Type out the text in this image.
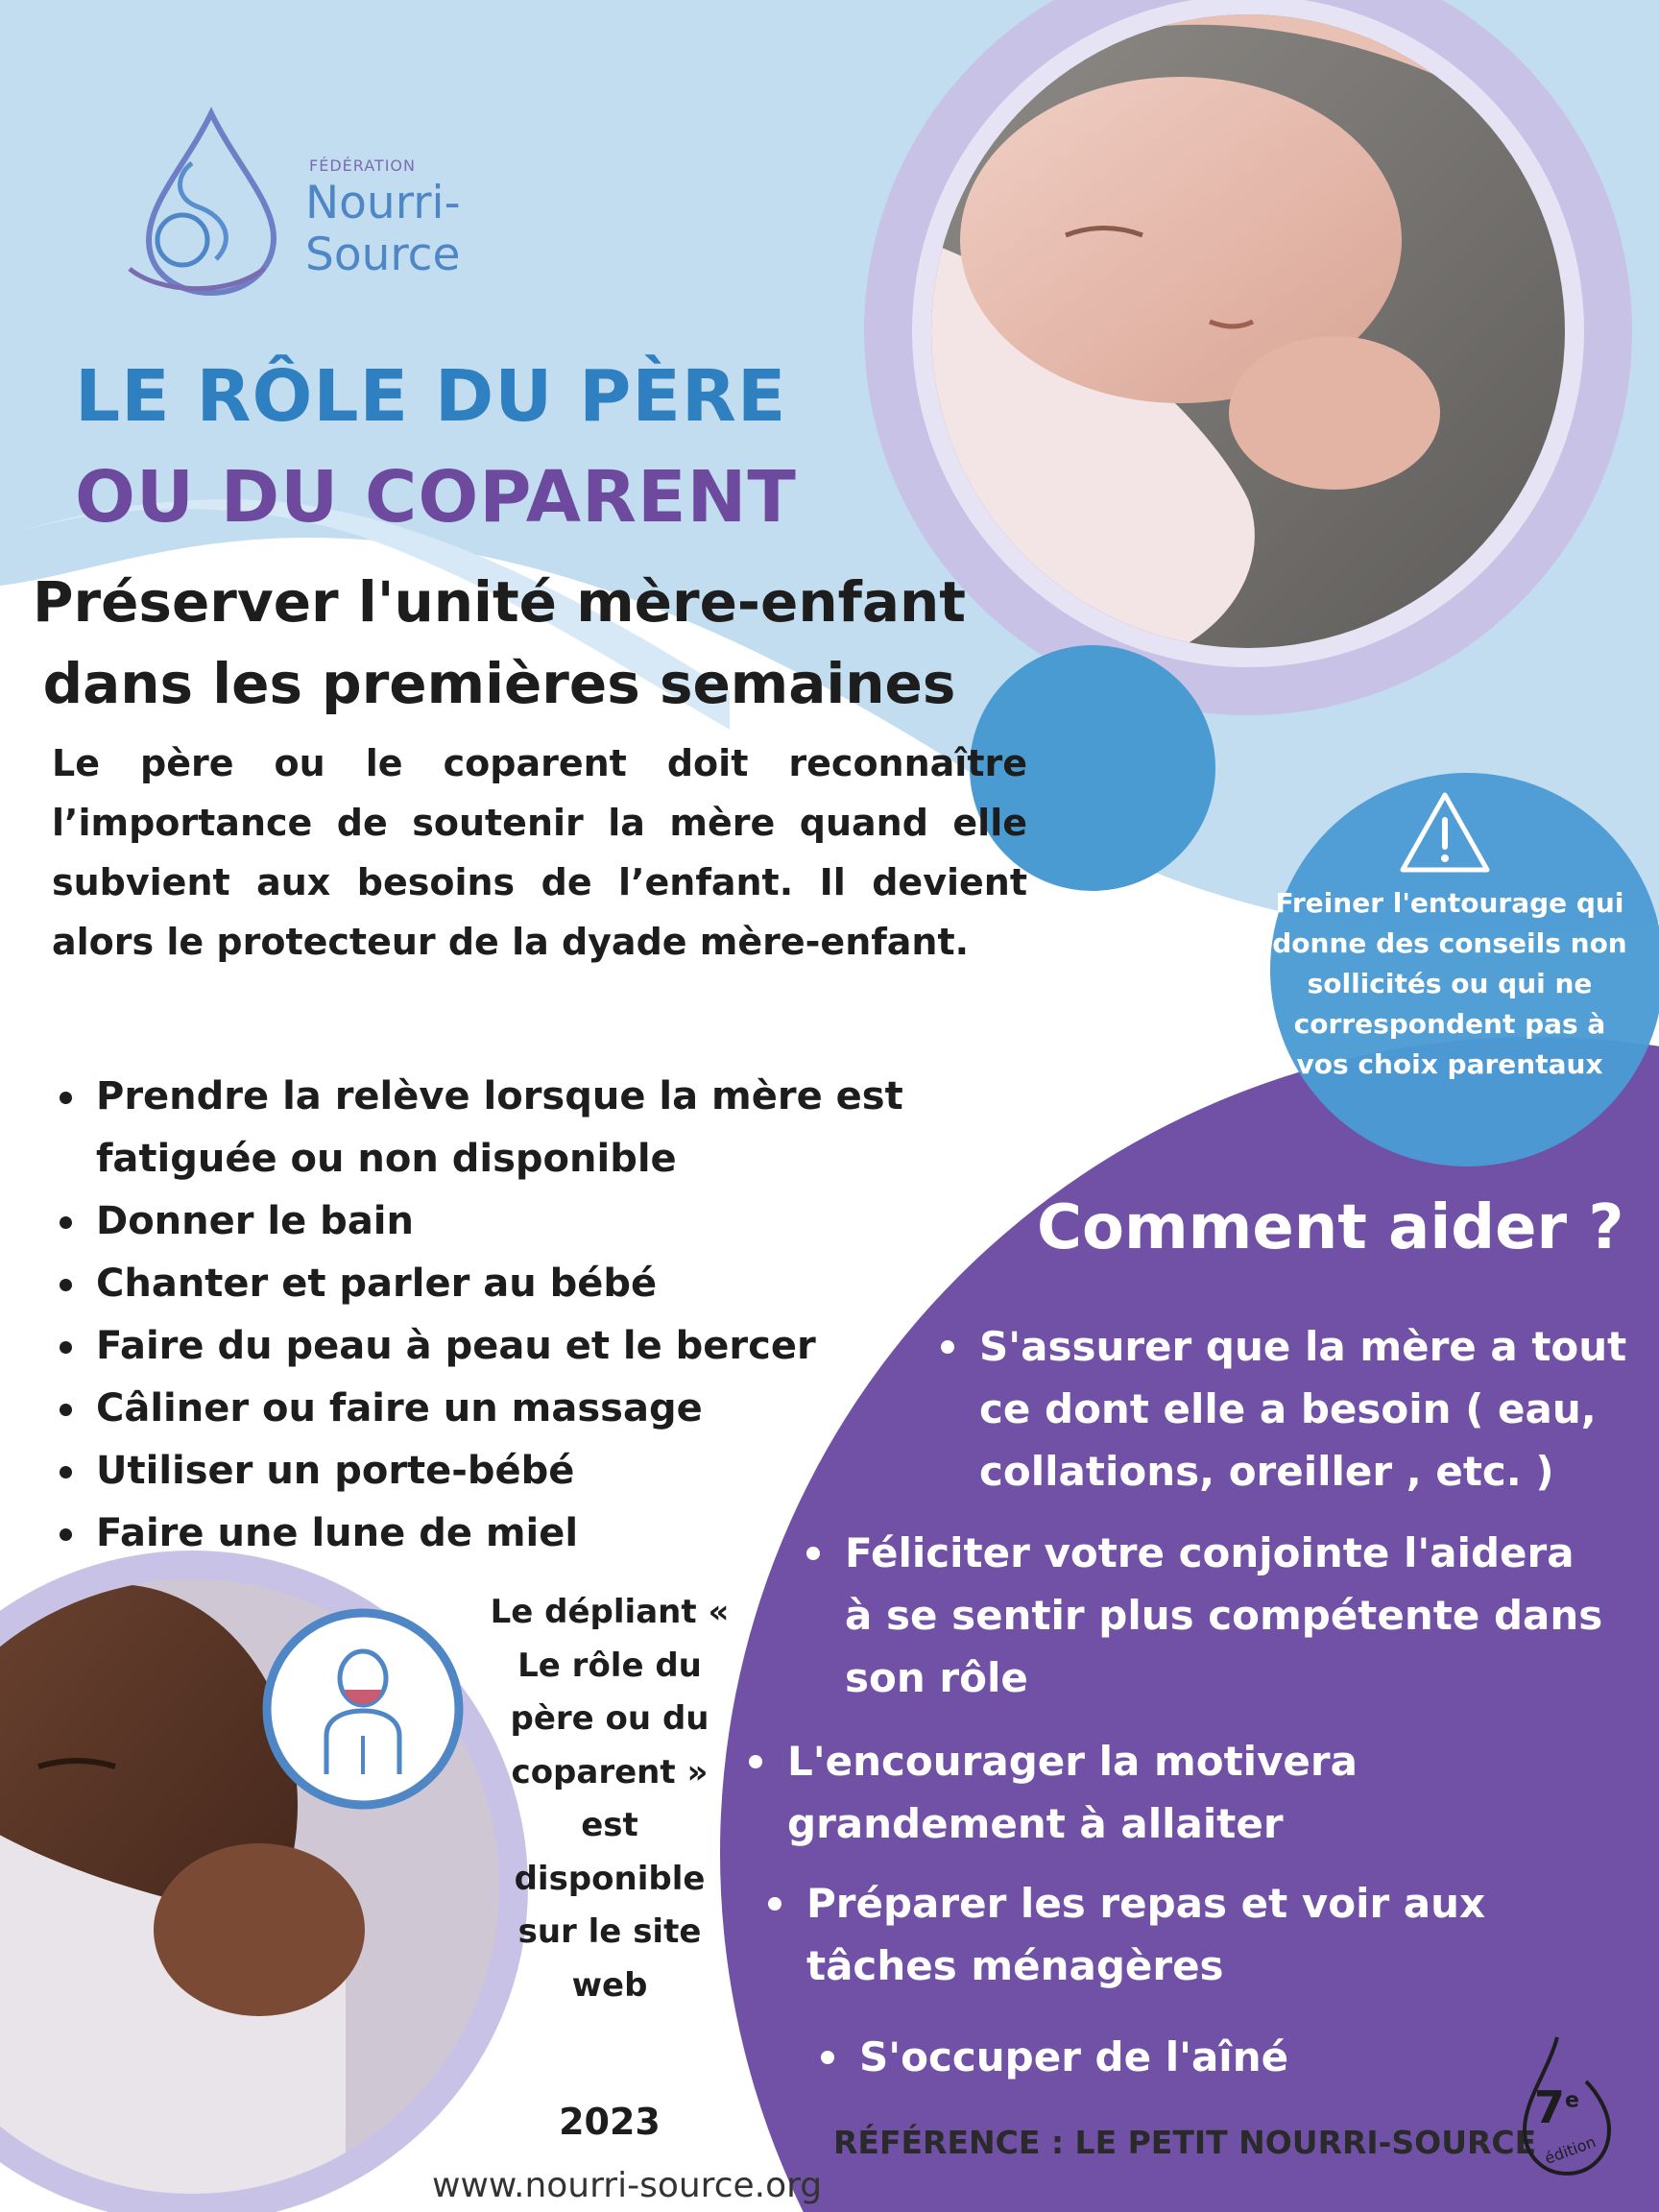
FÉDÉRATION
Nourri-
Source
LE RÔLE DU PÈRE
OU DU COPARENT
Préserver l'unité mère-enfant
dans les premières semaines
Le père ou le coparent doit reconnaître l’importance de soutenir la mère quand elle subvient aux besoins de l’enfant. Il devient alors le protecteur de la dyade mère-enfant.
Prendre la relève lorsque la mère est fatiguée ou non disponible
Donner le bain
Chanter et parler au bébé
Faire du peau à peau et le bercer
Câliner ou faire un massage
Utiliser un porte-bébé
Faire une lune de miel
Freiner l'entourage qui donne des conseils non sollicités ou qui ne correspondent pas à vos choix parentaux
Comment aider ?
S'assurer que la mère a tout ce dont elle a besoin ( eau, collations, oreiller , etc. )
Féliciter votre conjointe l'aidera à se sentir plus compétente dans son rôle
L'encourager la motivera grandement à allaiter
Préparer les repas et voir aux tâches ménagères
S'occuper de l'aîné
Le dépliant « Le rôle du père ou du coparent » est disponible sur le site web
2023	RÉFÉRENCE : LE PETIT NOURRI-SOURCE
7e
édition
www.nourri-source.org
